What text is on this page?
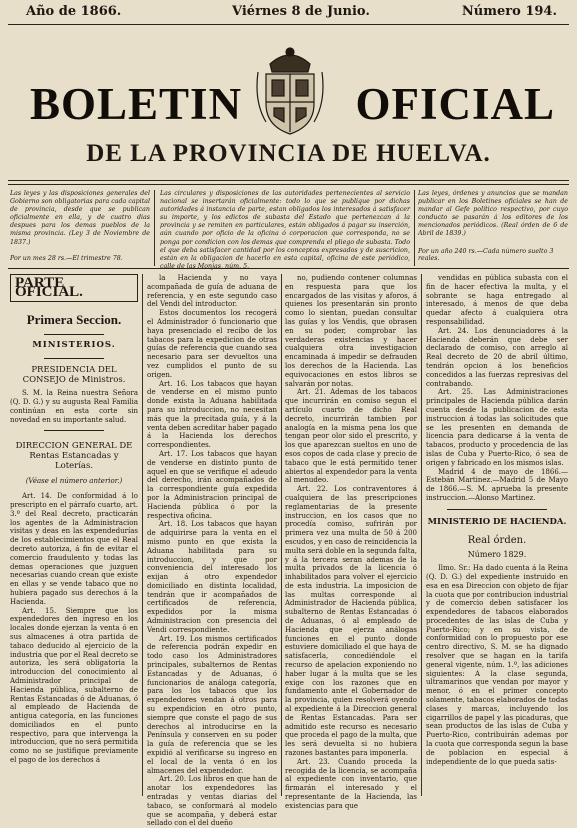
Año de 1866.	Viérnes 8 de Junio.	Número 194.
BOLETIN	OFICIAL
DE LA PROVINCIA DE HUELVA.

Las leyes y las disposiciones generales del Gobierno son obligatorias para cada capital de provincia, desde que se publican oficialmente en ella, y de cuatro dias despues para los demas pueblos de la misma provincia. (Ley 3 de Noviembre de 1837.)

Por un mes 28 rs.—El trimestre 78.

Las circulares y disposiciones de las autoridades pertenecientes al servicio nacional se insertarán oficialmente: todo lo que se publique por dichas autoridades á instancia de parte, estan obligados los interesados á satisfacer su importe, y los edictos de subasta del Estado que pertenezcan á la provincia y se remiten en particulares, están obligados á pagar su inserción, aún cuando por oficio de la oficina ó corporacion que corresponda, no se ponga por condicion con los demas que comprenda el pliego de subasta. Todo el que deba satisfacer cantidad por los conceptos expresados y de suscricion, están en la obligacion de hacerlo en esta capital, oficina de este periódico, calle de las Monjas, núm. 5.

Las leyes, órdenes y anuncios que se mandan publicar en los Boletines oficiales se han de mandar al Gefe político respectivo, por cuyo conducto se pasarán á los editores de los mencionados periódicos. (Real órden de 6 de Abril de 1839.)

Por un año 240 rs.—Cada número suelto 3 reales.

PARTE OFICIAL.

Primera Seccion.

MINISTERIOS.

PRESIDENCIA DEL CONSEJO de Ministros.

S. M. la Reina nuestra Señora (Q. D. G.) y su augusta Real Familia continúan en esta corte sin novedad en su importante salud.

DIRECCION GENERAL DE Rentas Estancadas y Loterías.

(Véase el número anterior.)

Art. 14. De conformidad á lo prescripto en el párrafo cuarto, art. 3.º del Real decreto, practicarán los agentes de la Administracion visitas y deas en las expendedurías de los establecimientos que el Real decreto autoriza, á fin de evitar el comercio fraudulento y todas las demas operaciones que juzguen necesarias cuando crean que existe en ellas y se vende tabaco que no hubiera pagado sus derechos á la Hacienda.

Art. 15. Siempre que los expendedores den ingreso en los locales donde ejerzan la venta ó en sus almacenes á otra partida de tabaco deducido al ejercicio de la industria que por el Real decreto se autoriza, les será obligatoria la introduccion del conocimiento al Administrador principal de Hacienda pública, subalterno de Rentas Estancadas ó de Aduanas, ó al empleado de Hacienda de antigua categoría, en las funciones domiciliados en el punto respectivo, para que intervenga la introduccion, que no será permitida como no se justifique previamente el pago de los derechos á

la Hacienda y no vaya acompañada de guía de aduana de referencia, y en este segundo caso del Vendi del introductor.

Estos documentos los recogerá el Administrador ó funcionario que haya presenciado el recibo de los tabacos para la expedicion de otras guías de referencia que cuando sea necesario para ser devueltos una vez cumplidos el punto de su origen.

Art. 16. Los tabacos que hayan de venderse en el mismo punto donde exista la Aduana habilitada para su introduccion, no necesitan más que la precitada guía, y á la venta deben acreditar haber pagado á la Hacienda los derechos correspondientes.

Art. 17. Los tabacos que hayan de venderse en distinto punto de aquel en que se verifique el adeudo del derecho, irán acompañados de la correspondiente guía expedida por la Administracion principal de Hacienda pública ó por la respectiva oficina.

Art. 18. Los tabacos que hayan de adquirirse para la venta en el mismo punto en que exista la Aduana habilitada para su introduccion, y que por conveniencia del interesado los exijan á otro expendedor domiciliado en distinta localidad, tendrán que ir acompañados de certificados de referencia, expedidos por la misma Administracion con presencia del Vendi correspondiente.

Art. 19. Los mismos certificados de referencia podrán expedir en todo caso los Administradores principales, subalternos de Rentas Estancadas y de Aduanas, ó funcionarios de análoga categoría, para los los tabacos que los expendedores vendan á otros para su expendicion en otro punto, siempre que conste el pago de sus derechos al introducirse en la Península y conserven en su poder la guía de referencia que se les expidió al verificarse su ingreso en el local de la venta ó en los almacenes del expendedor.

Art. 20. Los libros en que han de anotar los expendedores las entradas y ventas diarias del tabaco, se conformará al modelo que se acompaña, y deberá estar sellado con el del dueño

no, pudiendo contener columnas en respuesta para que los encargados de las visitas y aforos, á quienes los presentarán sin pronto como lo sientan, puedan consultar las guías y los Vendis, que obrasen en su poder, comprobar las verdaderas existencias y hacer cualquiera otra investigacion encaminada á impedir se defrauden los derechos de la Hacienda. Las equivocaciones en estos libros se salvarán por notas.

Art. 21. Ademas de los tabacos que incurrirán en comiso segun el artículo cuarto de dicho Real decreto, incurrirán tambien por analogía en la misma pena los que tengan peor olor sido el prescrito, y los que aparezcan sueltos en uno de esos copos de cada clase y precio de tabaco que le está permitido tener abiertos al expendedor para la venta al menudeo.

Art. 22. Los contraventores á cualquiera de las prescripciones reglamentarias de la presente instruccion, en los casos que no procedía comiso, sufrirán por primera vez una multa de 50 á 200 escudos, y en caso de reincidencia la multa será doble en la segunda falta, y á la tercera seran ademas de la multa privados de la licencia ó inhabilitados para volver el ejercicio de esta industria. La imposicion de las multas corresponde al Administrador de Hacienda pública, subalterno de Rentas Estancadas ó de Aduanas, ó al empleado de Hacienda que ejerza análogas funciones en el punto donde estuviere domiciliado el que haya de satisfacerla, concediéndole el recurso de apelacion exponiendo no haber lugar á la multa que se les exige con los razones que en fundamento ante el Gobernador de la provincia, quien resolverá oyendo al expediente á la Direccion general de Rentas Estancadas. Para ser admitido este recurso es necesario que proceda el pago de la multa, que les será devuelta si no hubiera razones bastantes para imponerla.

Art. 23. Cuando proceda la recogida de la licencia, se acompaña al expediente con inventario, que firmarán el interesado y el representante de la Hacienda, las existencias para que

vendidas en pública subasta con el fin de hacer efectiva la multa, y el sobrante se haga entregado al interesado, á menos de que deba quedar afecto á cualquiera otra responsabilidad.

Art. 24. Los denunciadores á la Hacienda deberán que debe ser declarado de comiso, con arreglo al Real decreto de 20 de abril último, tendrán opcion á los beneficios concedidos a las fuerzas represivas del contrabando.

Art. 25. Las Administraciones principales de Hacienda pública darán cuenta desde la publicacion de esta instruccion á todas las solicitudes que se les presenten en demanda de licencia para dedicarse á la venta de tabacos, producto y procedencia de las islas de Cuba y Puerto-Rico, ó sea de origen y fabricado en los mismos islas.

Madrid 4 de mayo de 1866.—Estebán Martinez.—Madrid 5 de Mayo de 1866.—S. M. aprueba la presente instruccion.—Alonso Martinez.

MINISTERIO DE HACIENDA.

Real órden.

Número 1829.

Ilmo. Sr.: Ha dado cuenta á la Reina (Q. D. G.) del expediente instruido en esa en esa Direccion con objeto de fijar la cuota que por contribucion industrial y de comercio deben satisfacer los expendedores de tabacos elaborados procedentes de las islas de Cuba y Puerto-Rico; y en su vista, de conformidad con lo propuesto por ese centro directivo, S. M. se ha dignado resolver que se hagan en la tarifa general vigente, núm. 1.º, las adiciones siguientes: A la clase segunda, ultramarinos que vendan por mayor y menor, ó en el primer concepto solamente, tabacos elaborados de todas clases y marcas, incluyendo los cigarrillos de papel y las picaduras, que sean productos de las islas de Cuba y Puerto-Rico, contribuirán ademas por la cuota que corresponda segun la base de poblacion en especial á independiente de lo que pueda satis-
